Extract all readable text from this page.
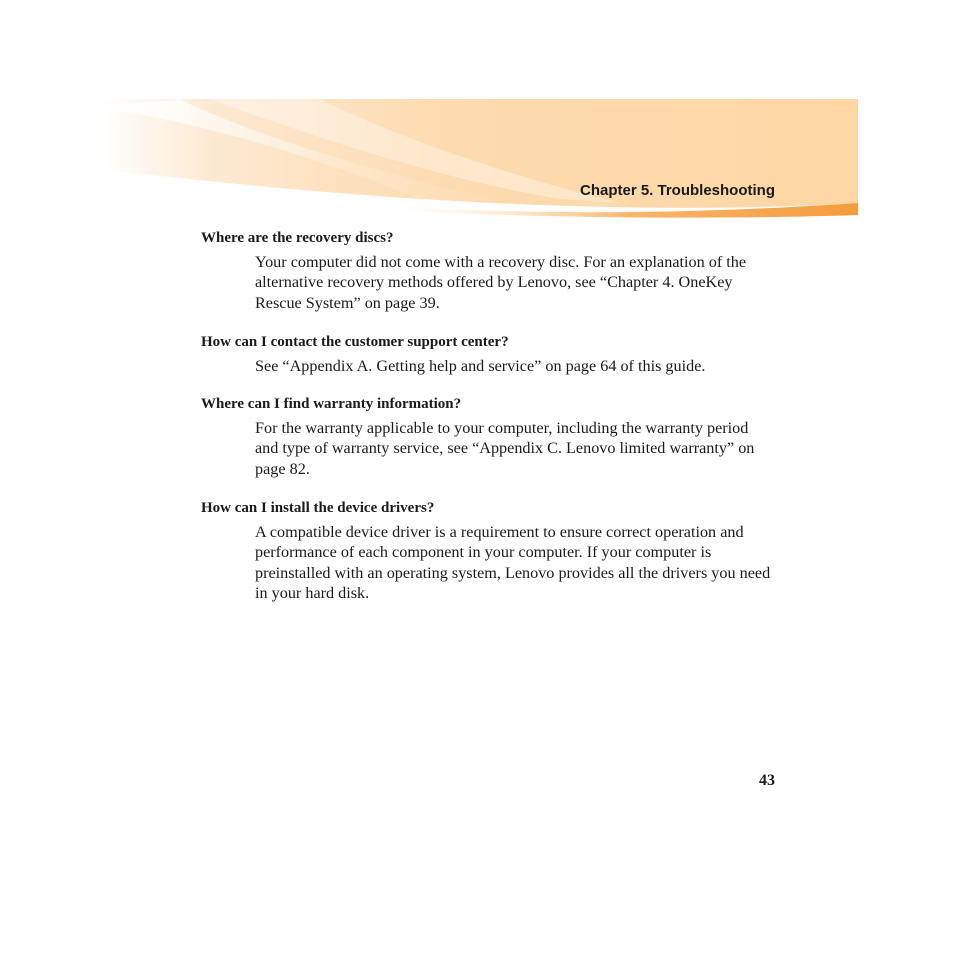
Chapter 5. Troubleshooting

Where are the recovery discs?

Your computer did not come with a recovery disc. For an explanation of the alternative recovery methods offered by Lenovo, see “Chapter 4. OneKey Rescue System” on page 39.

How can I contact the customer support center?

See “Appendix A. Getting help and service” on page 64 of this guide.

Where can I find warranty information?

For the warranty applicable to your computer, including the warranty period and type of warranty service, see “Appendix C. Lenovo limited warranty” on page 82.

How can I install the device drivers?

A compatible device driver is a requirement to ensure correct operation and performance of each component in your computer. If your computer is preinstalled with an operating system, Lenovo provides all the drivers you need in your hard disk.

43
